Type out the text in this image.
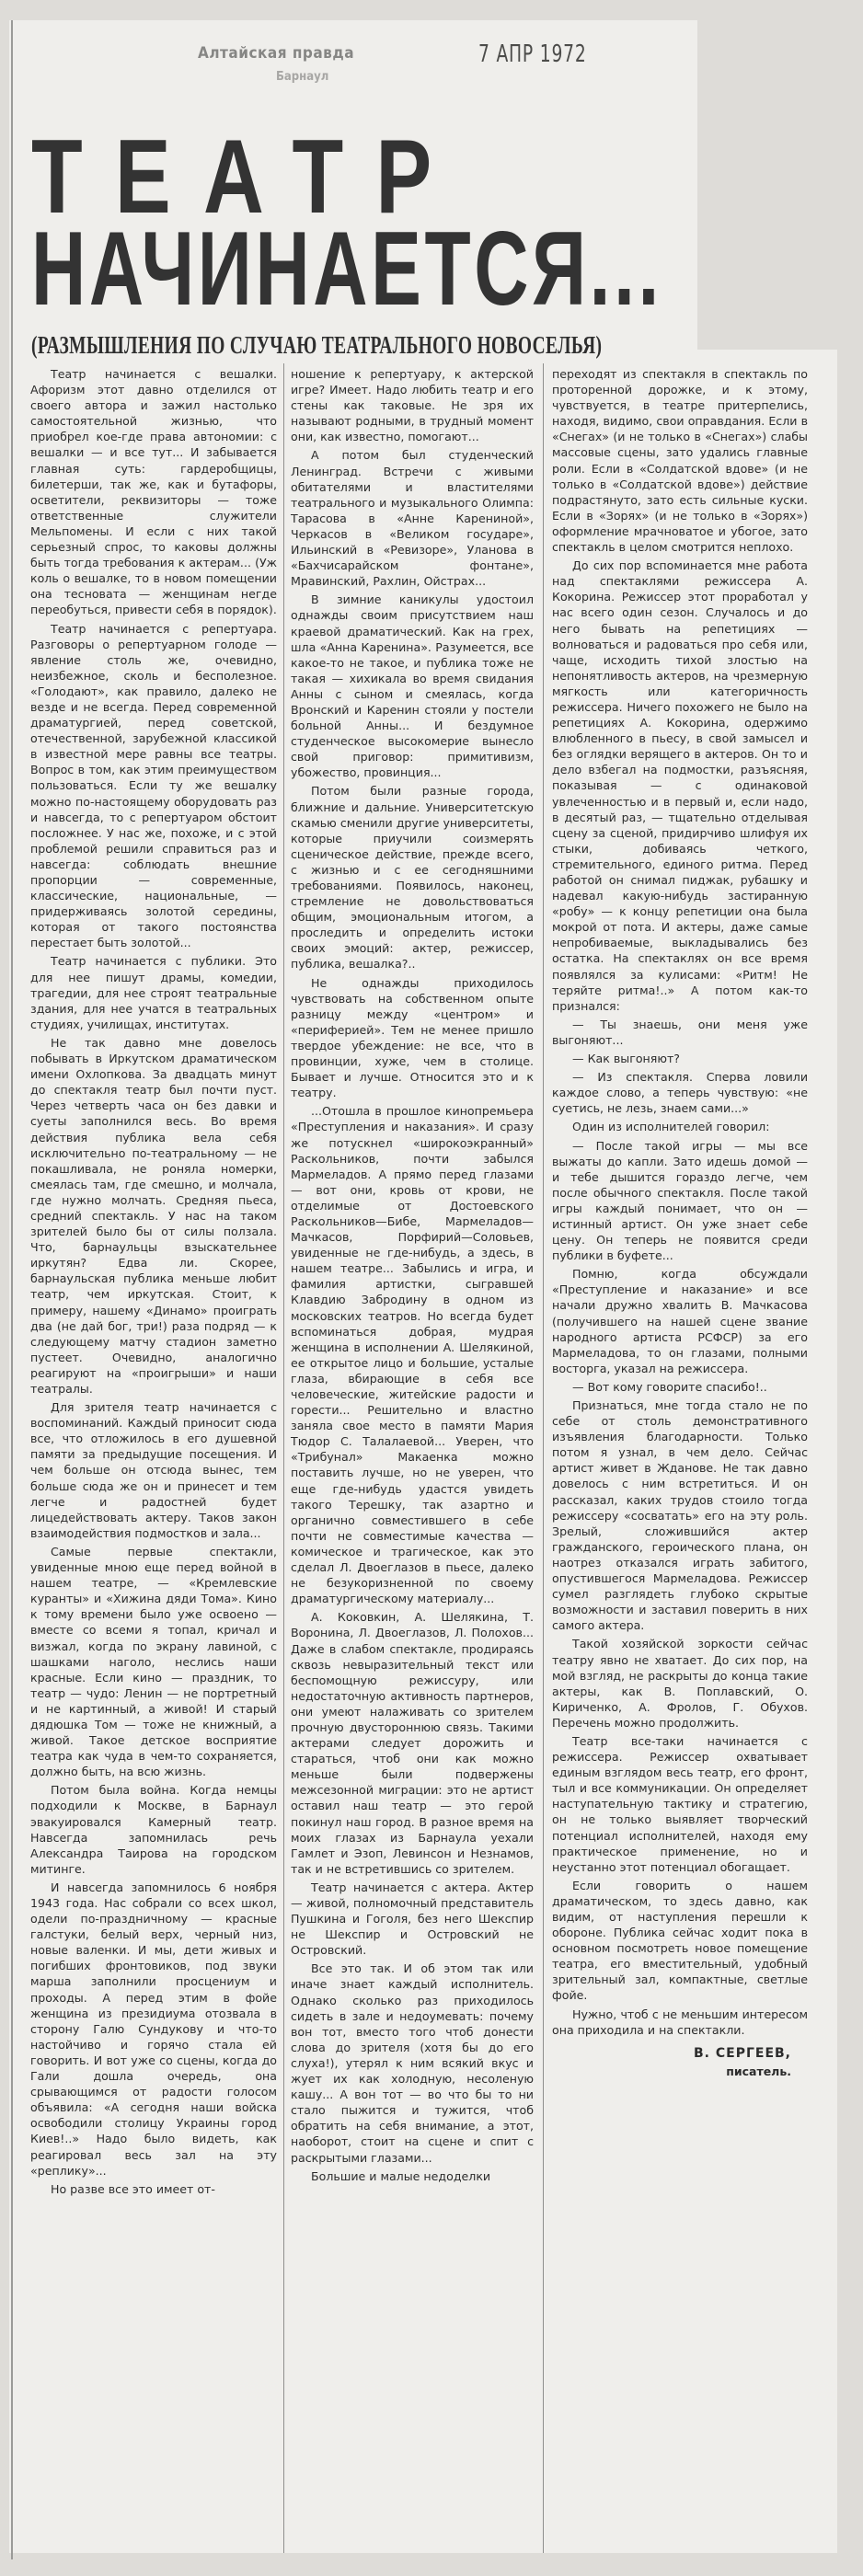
Алтайская правда
Барнаул
7 АПР 1972
ТЕАТР
НАЧИНАЕТСЯ...
(РАЗМЫШЛЕНИЯ ПО СЛУЧАЮ ТЕАТРАЛЬНОГО НОВОСЕЛЬЯ)

Театр начинается с вешалки. Афоризм этот давно отделился от своего автора и зажил настолько самостоятельной жизнью, что приобрел кое-где права автономии: с вешалки — и все тут... И забывается главная суть: гардеробщицы, билетерши, так же, как и бутафоры, осветители, реквизиторы — тоже ответственные служители Мельпомены. И если с них такой серьезный спрос, то каковы должны быть тогда требования к актерам... (Уж коль о вешалке, то в новом помещении она тесновата — женщинам негде переобуться, привести себя в порядок).

Театр начинается с репертуара. Разговоры о репертуарном голоде — явление столь же, очевидно, неизбежное, сколь и бесполезное. «Голодают», как правило, далеко не везде и не всегда. Перед современной драматургией, перед советской, отечественной, зарубежной классикой в известной мере равны все театры. Вопрос в том, как этим преимуществом пользоваться. Если ту же вешалку можно по-настоящему оборудовать раз и навсегда, то с репертуаром обстоит посложнее. У нас же, похоже, и с этой проблемой решили справиться раз и навсегда: соблюдать внешние пропорции — современные, классические, национальные, — придерживаясь золотой середины, которая от такого постоянства перестает быть золотой...

Театр начинается с публики. Это для нее пишут драмы, комедии, трагедии, для нее строят театральные здания, для нее учатся в театральных студиях, училищах, институтах.

Не так давно мне довелось побывать в Иркутском драматическом имени Охлопкова. За двадцать минут до спектакля театр был почти пуст. Через четверть часа он без давки и суеты заполнился весь. Во время действия публика вела себя исключительно по-театральному — не покашливала, не роняла номерки, смеялась там, где смешно, и молчала, где нужно молчать. Средняя пьеса, средний спектакль. У нас на таком зрителей было бы от силы ползала. Что, барнаульцы взыскательнее иркутян? Едва ли. Скорее, барнаульская публика меньше любит театр, чем иркутская. Стоит, к примеру, нашему «Динамо» проиграть два (не дай бог, три!) раза подряд — к следующему матчу стадион заметно пустеет. Очевидно, аналогично реагируют на «проигрыши» и наши театралы.

Для зрителя театр начинается с воспоминаний. Каждый приносит сюда все, что отложилось в его душевной памяти за предыдущие посещения. И чем больше он отсюда вынес, тем больше сюда же он и принесет и тем легче и радостней будет лицедействовать актеру. Таков закон взаимодействия подмостков и зала...

Самые первые спектакли, увиденные мною еще перед войной в нашем театре, — «Кремлевские куранты» и «Хижина дяди Тома». Кино к тому времени было уже освоено — вместе со всеми я топал, кричал и визжал, когда по экрану лавиной, с шашками наголо, неслись наши красные. Если кино — праздник, то театр — чудо: Ленин — не портретный и не картинный, а живой! И старый дядюшка Том — тоже не книжный, а живой. Такое детское восприятие театра как чуда в чем-то сохраняется, должно быть, на всю жизнь.

Потом была война. Когда немцы подходили к Москве, в Барнаул эвакуировался Камерный театр. Навсегда запомнилась речь Александра Таирова на городском митинге.

И навсегда запомнилось 6 ноября 1943 года. Нас собрали со всех школ, одели по-праздничному — красные галстуки, белый верх, черный низ, новые валенки. И мы, дети живых и погибших фронтовиков, под звуки марша заполнили просцениум и проходы. А перед этим в фойе женщина из президиума отозвала в сторону Галю Сундукову и что-то настойчиво и горячо стала ей говорить. И вот уже со сцены, когда до Гали дошла очередь, она срывающимся от радости голосом объявила: «А сегодня наши войска освободили столицу Украины город Киев!..» Надо было видеть, как реагировал весь зал на эту «реплику»...

Но разве все это имеет от-

ношение к репертуару, к актерской игре? Имеет. Надо любить театр и его стены как таковые. Не зря их называют родными, в трудный момент они, как известно, помогают...

А потом был студенческий Ленинград. Встречи с живыми обитателями и властителями театрального и музыкального Олимпа: Тарасова в «Анне Карениной», Черкасов в «Великом государе», Ильинский в «Ревизоре», Уланова в «Бахчисарайском фонтане», Мравинский, Рахлин, Ойстрах...

В зимние каникулы удостоил однажды своим присутствием наш краевой драматический. Как на грех, шла «Анна Каренина». Разумеется, все какое-то не такое, и публика тоже не такая — хихикала во время свидания Анны с сыном и смеялась, когда Вронский и Каренин стояли у постели больной Анны... И бездумное студенческое высокомерие вынесло свой приговор: примитивизм, убожество, провинция...

Потом были разные города, ближние и дальние. Университетскую скамью сменили другие университеты, которые приучили соизмерять сценическое действие, прежде всего, с жизнью и с ее сегодняшними требованиями. Появилось, наконец, стремление не довольствоваться общим, эмоциональным итогом, а проследить и определить истоки своих эмоций: актер, режиссер, публика, вешалка?..

Не однажды приходилось чувствовать на собственном опыте разницу между «центром» и «периферией». Тем не менее пришло твердое убеждение: не все, что в провинции, хуже, чем в столице. Бывает и лучше. Относится это и к театру.

...Отошла в прошлое кинопремьера «Преступления и наказания». И сразу же потускнел «широкоэкранный» Раскольников, почти забылся Мармеладов. А прямо перед глазами — вот они, кровь от крови, не отделимые от Достоевского Раскольников—Бибе, Мармеладов—Мачкасов, Порфирий—Соловьев, увиденные не где-нибудь, а здесь, в нашем театре... Забылись и игра, и фамилия артистки, сыгравшей Клавдию Забродину в одном из московских театров. Но всегда будет вспоминаться добрая, мудрая женщина в исполнении А. Шелякиной, ее открытое лицо и большие, усталые глаза, вбирающие в себя все человеческие, житейские радости и горести... Решительно и властно заняла свое место в памяти Мария Тюдор С. Талалаевой... Уверен, что «Трибунал» Макаенка можно поставить лучше, но не уверен, что еще где-нибудь удастся увидеть такого Терешку, так азартно и органично совместившего в себе почти не совместимые качества — комическое и трагическое, как это сделал Л. Двоеглазов в пьесе, далеко не безукоризненной по своему драматургическому материалу...

А. Коковкин, А. Шелякина, Т. Воронина, Л. Двоеглазов, Л. Полохов... Даже в слабом спектакле, продираясь сквозь невыразительный текст или беспомощную режиссуру, или недостаточную активность партнеров, они умеют налаживать со зрителем прочную двустороннюю связь. Такими актерами следует дорожить и стараться, чтоб они как можно меньше были подвержены межсезонной миграции: это не артист оставил наш театр — это герой покинул наш город. В разное время на моих глазах из Барнаула уехали Гамлет и Эзоп, Левинсон и Незнамов, так и не встретившись со зрителем.

Театр начинается с актера. Актер — живой, полномочный представитель Пушкина и Гоголя, без него Шекспир не Шекспир и Островский не Островский.

Все это так. И об этом так или иначе знает каждый исполнитель. Однако сколько раз приходилось сидеть в зале и недоумевать: почему вон тот, вместо того чтоб донести слова до зрителя (хотя бы до его слуха!), утерял к ним всякий вкус и жует их как холодную, несоленую кашу... А вон тот — во что бы то ни стало пыжится и тужится, чтоб обратить на себя внимание, а этот, наоборот, стоит на сцене и спит с раскрытыми глазами...

Большие и малые недоделки

переходят из спектакля в спектакль по проторенной дорожке, и к этому, чувствуется, в театре притерпелись, находя, видимо, свои оправдания. Если в «Снегах» (и не только в «Снегах») слабы массовые сцены, зато удались главные роли. Если в «Солдатской вдове» (и не только в «Солдатской вдове») действие подрастянуто, зато есть сильные куски. Если в «Зорях» (и не только в «Зорях») оформление мрачноватое и убогое, зато спектакль в целом смотрится неплохо.

До сих пор вспоминается мне работа над спектаклями режиссера А. Кокорина. Режиссер этот проработал у нас всего один сезон. Случалось и до него бывать на репетициях — волноваться и радоваться про себя или, чаще, исходить тихой злостью на непонятливость актеров, на чрезмерную мягкость или категоричность режиссера. Ничего похожего не было на репетициях А. Кокорина, одержимо влюбленного в пьесу, в свой замысел и без оглядки верящего в актеров. Он то и дело взбегал на подмостки, разъясняя, показывая — с одинаковой увлеченностью и в первый и, если надо, в десятый раз, — тщательно отделывая сцену за сценой, придирчиво шлифуя их стыки, добиваясь четкого, стремительного, единого ритма. Перед работой он снимал пиджак, рубашку и надевал какую-нибудь застиранную «робу» — к концу репетиции она была мокрой от пота. И актеры, даже самые непробиваемые, выкладывались без остатка. На спектаклях он все время появлялся за кулисами: «Ритм! Не теряйте ритма!..» А потом как-то признался:

— Ты знаешь, они меня уже выгоняют...

— Как выгоняют?

— Из спектакля. Сперва ловили каждое слово, а теперь чувствую: «не суетись, не лезь, знаем сами...»

Один из исполнителей говорил:

— После такой игры — мы все выжаты до капли. Зато идешь домой — и тебе дышится гораздо легче, чем после обычного спектакля. После такой игры каждый понимает, что он — истинный артист. Он уже знает себе цену. Он теперь не появится среди публики в буфете...

Помню, когда обсуждали «Преступление и наказание» и все начали дружно хвалить В. Мачкасова (получившего на нашей сцене звание народного артиста РСФСР) за его Мармеладова, то он глазами, полными восторга, указал на режиссера.

— Вот кому говорите спасибо!..

Признаться, мне тогда стало не по себе от столь демонстративного изъявления благодарности. Только потом я узнал, в чем дело. Сейчас артист живет в Жданове. Не так давно довелось с ним встретиться. И он рассказал, каких трудов стоило тогда режиссеру «сосватать» его на эту роль. Зрелый, сложившийся актер гражданского, героического плана, он наотрез отказался играть забитого, опустившегося Мармеладова. Режиссер сумел разглядеть глубоко скрытые возможности и заставил поверить в них самого актера.

Такой хозяйской зоркости сейчас театру явно не хватает. До сих пор, на мой взгляд, не раскрыты до конца такие актеры, как В. Поплавский, О. Кириченко, А. Фролов, Г. Обухов. Перечень можно продолжить.

Театр все-таки начинается с режиссера. Режиссер охватывает единым взглядом весь театр, его фронт, тыл и все коммуникации. Он определяет наступательную тактику и стратегию, он не только выявляет творческий потенциал исполнителей, находя ему практическое применение, но и неустанно этот потенциал обогащает.

Если говорить о нашем драматическом, то здесь давно, как видим, от наступления перешли к обороне. Публика сейчас ходит пока в основном посмотреть новое помещение театра, его вместительный, удобный зрительный зал, компактные, светлые фойе.

Нужно, чтоб с не меньшим интересом она приходила и на спектакли.

В. СЕРГЕЕВ,
писатель.
